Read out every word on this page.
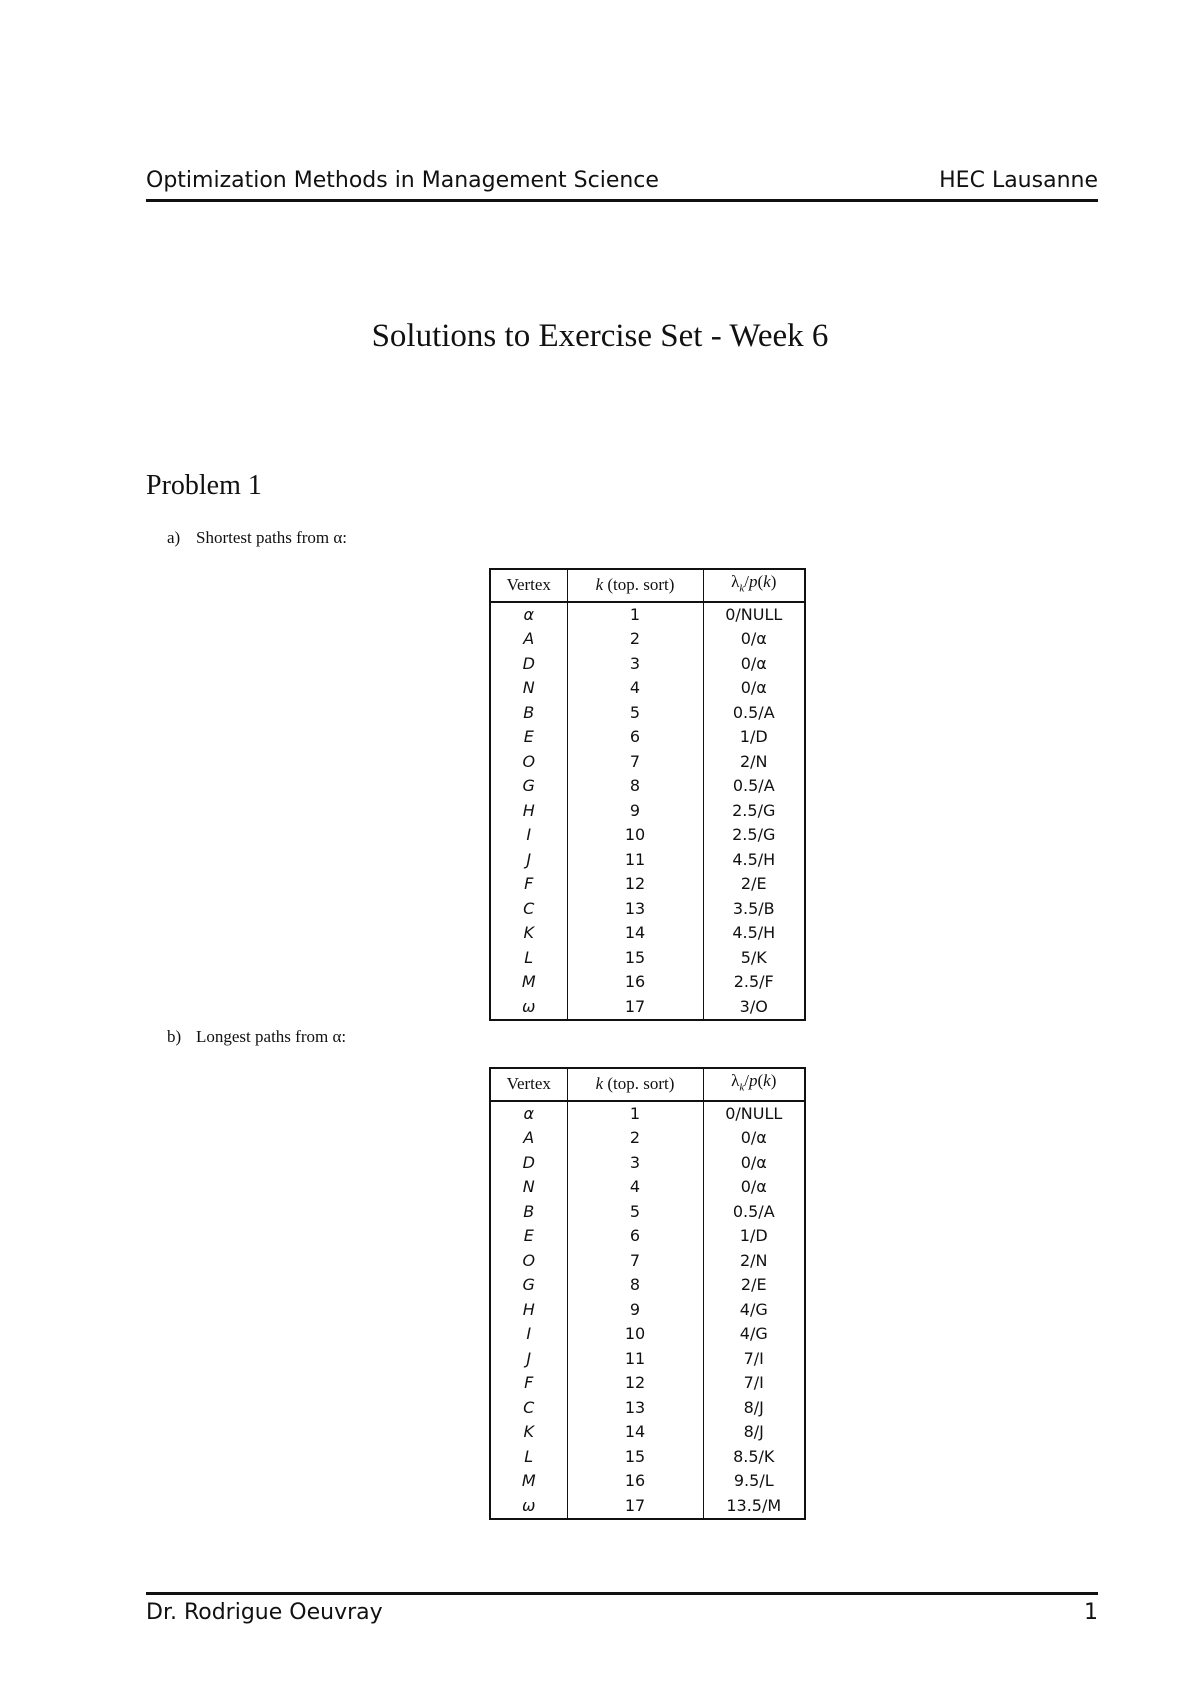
Optimization Methods in Management Science	HEC Lausanne
Solutions to Exercise Set - Week 6
Problem 1
a) Shortest paths from α:
Vertex	k (top. sort)	$\lambda_k/p(k)$
α	1	0/NULL
A	2	0/α
D	3	0/α
N	4	0/α
B	5	0.5/A
E	6	1/D
O	7	2/N
G	8	0.5/A
H	9	2.5/G
I	10	2.5/G
J	11	4.5/H
F	12	2/E
C	13	3.5/B
K	14	4.5/H
L	15	5/K
M	16	2.5/F
ω	17	3/O
b) Longest paths from α:
Vertex	k (top. sort)	$\lambda_k/p(k)$
α	1	0/NULL
A	2	0/α
D	3	0/α
N	4	0/α
B	5	0.5/A
E	6	1/D
O	7	2/N
G	8	2/E
H	9	4/G
I	10	4/G
J	11	7/I
F	12	7/I
C	13	8/J
K	14	8/J
L	15	8.5/K
M	16	9.5/L
ω	17	13.5/M
Dr. Rodrigue Oeuvray	1
